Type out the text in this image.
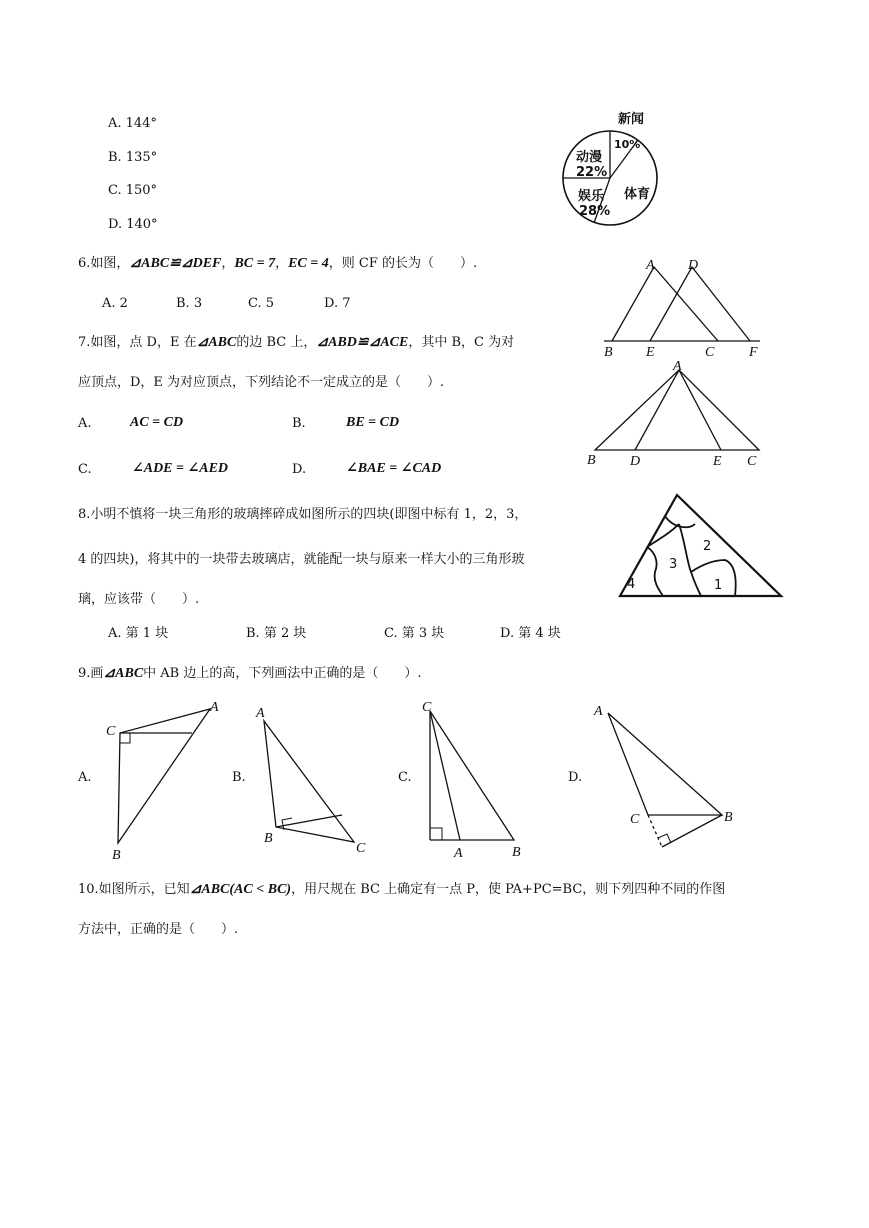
A. 144°
B. 135°
C. 150°
D. 140°
新闻
10%
动漫
22%
娱乐
28%
体育
6.如图，⊿ABC≌⊿DEF，BC = 7，EC = 4，则 CF 的长为（　　）.
A. 2	B. 3	C. 5	D. 7
A D
B E	C F
7.如图，点 D，E 在⊿ABC的边 BC 上，⊿ABD≌⊿ACE，其中 B，C 为对
应顶点，D，E 为对应顶点，下列结论不一定成立的是（　　）.
A.	AC = CD	B.	BE = CD
C.	∠ADE = ∠AED	D.	∠BAE = ∠CAD
A
B D	E C
8.小明不慎将一块三角形的玻璃摔碎成如图所示的四块(即图中标有 1，2，3，
4 的四块)，将其中的一块带去玻璃店，就能配一块与原来一样大小的三角形玻
璃，应该带（　　）.
A. 第 1 块	B. 第 2 块	C. 第 3 块	D. 第 4 块
4
3
2
1
9.画⊿ABC中 AB 边上的高，下列画法中正确的是（　　）.
A.	B.	C.	D.
A
C
B
A
B
C
C
A	B
A
C	B
10.如图所示，已知⊿ABC(AC < BC)，用尺规在 BC 上确定有一点 P，使 PA+PC=BC，则下列四种不同的作图
方法中，正确的是（　　）.
